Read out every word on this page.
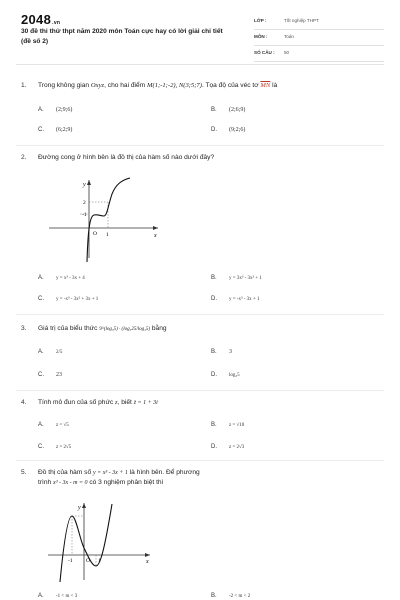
2048.vn
30 đề thi thử thpt năm 2020 môn Toán cực hay có lời giải chi tiết (đề số 2)
LỚP :	Tốt nghiệp THPT
MÔN :	Toán
SỐ CÂU : 50
1. Trong không gian Oxyz, cho hai điểm M(1;-1;-2), N(3;5;7). Tọa độ của véc tơ $\overline{MN}$ là
A. (2;9;6)	B. (2;6;9)
C. (6;2;9)	D. (9;2;6)
2. Đường cong ở hình bên là đồ thị của hàm số nào dưới đây?
y
x
O 1
2
-1
A. y = x³ - 3x + 4	B. y = 3x³ - 3x² + 1
C. y = -x³ - 3x² + 3x + 1	D. y = -x³ - 3x + 1
3. Giá trị của biểu thức 9^(log₃5) · (log₃25/log₃5) bằng
A. 2/5	B. 3
C. 23	D. log₃5
4. Tính mô đun của số phức z, biết z̄ = 1 + 3i
A. z = √5	B. z = √10
C. z = 2√5	D. z = 2√3
5. Đồ thị của hàm số y = x³ - 3x + 1 là hình bên. Để phương
trình x³ - 3x - m = 0 có 3 nghiệm phân biệt thì
y
x
O
-1	1
A. -1 < m < 3	B. -2 < m < 2
